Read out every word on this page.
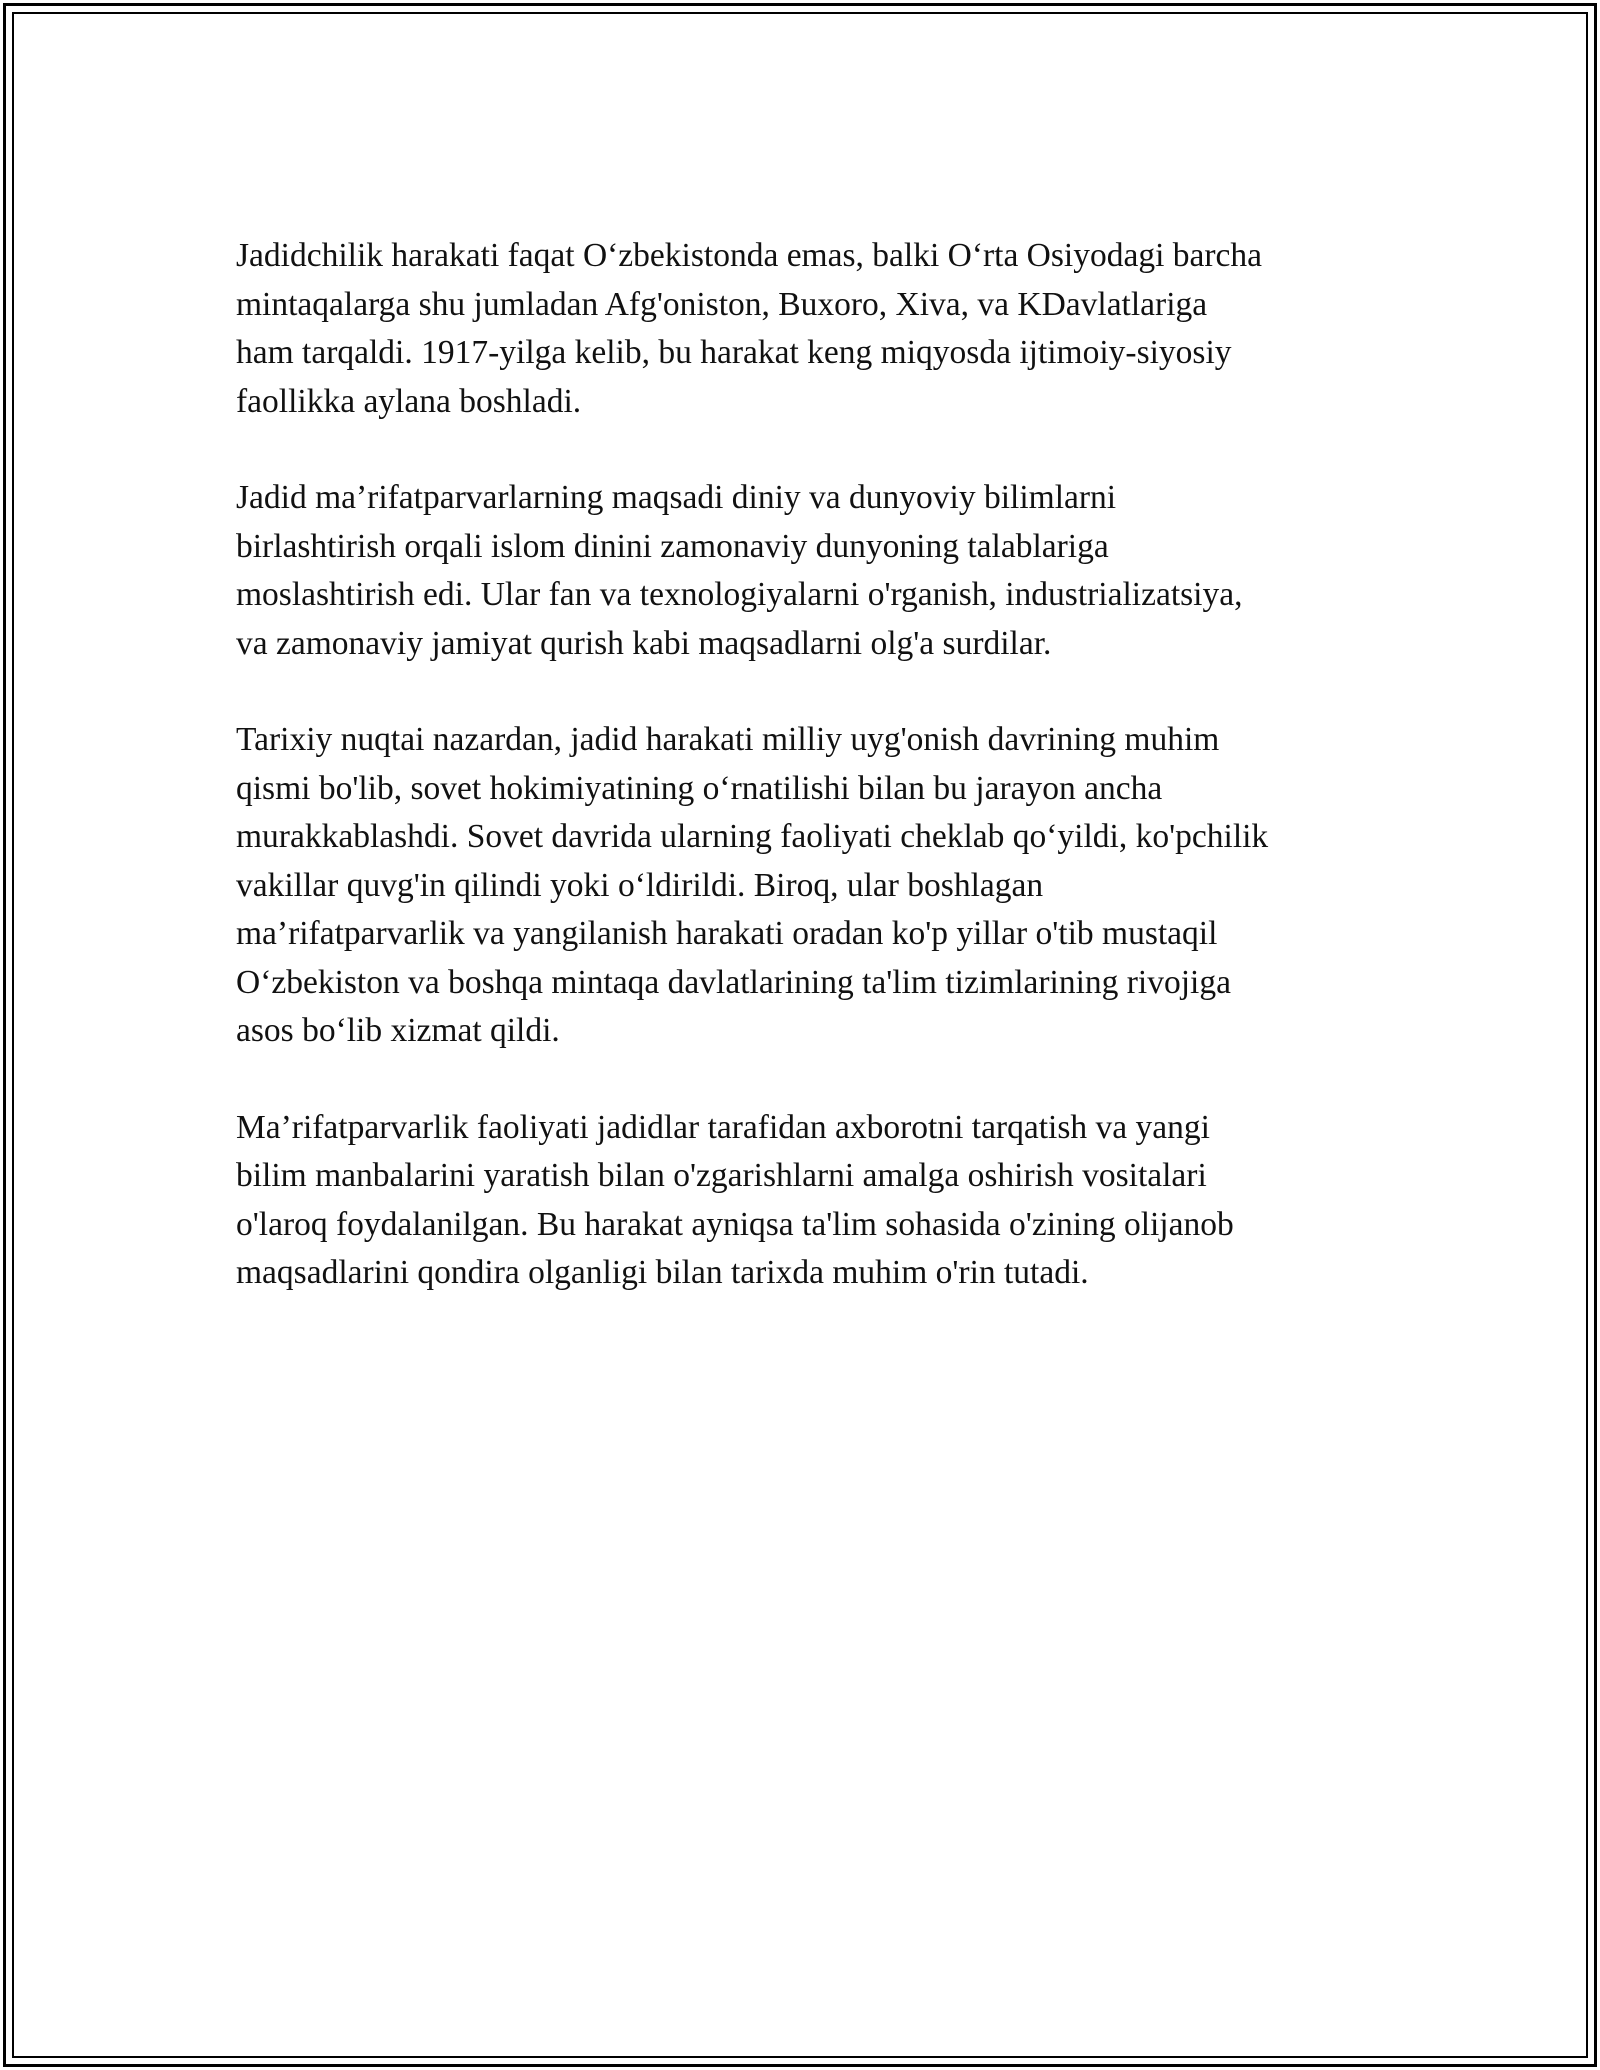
Jadidchilik harakati faqat O‘zbekistonda emas, balki O‘rta Osiyodagi barcha
mintaqalarga shu jumladan Afg'oniston, Buxoro, Xiva, va KDavlatlariga
ham tarqaldi. 1917-yilga kelib, bu harakat keng miqyosda ijtimoiy-siyosiy
faollikka aylana boshladi.

Jadid ma’rifatparvarlarning maqsadi diniy va dunyoviy bilimlarni
birlashtirish orqali islom dinini zamonaviy dunyoning talablariga
moslashtirish edi. Ular fan va texnologiyalarni o'rganish, industrializatsiya,
va zamonaviy jamiyat qurish kabi maqsadlarni olg'a surdilar.

Tarixiy nuqtai nazardan, jadid harakati milliy uyg'onish davrining muhim
qismi bo'lib, sovet hokimiyatining o‘rnatilishi bilan bu jarayon ancha
murakkablashdi. Sovet davrida ularning faoliyati cheklab qo‘yildi, ko'pchilik
vakillar quvg'in qilindi yoki o‘ldirildi. Biroq, ular boshlagan
ma’rifatparvarlik va yangilanish harakati oradan ko'p yillar o'tib mustaqil
O‘zbekiston va boshqa mintaqa davlatlarining ta'lim tizimlarining rivojiga
asos bo‘lib xizmat qildi.

Ma’rifatparvarlik faoliyati jadidlar tarafidan axborotni tarqatish va yangi
bilim manbalarini yaratish bilan o'zgarishlarni amalga oshirish vositalari
o'laroq foydalanilgan. Bu harakat ayniqsa ta'lim sohasida o'zining olijanob
maqsadlarini qondira olganligi bilan tarixda muhim o'rin tutadi.
